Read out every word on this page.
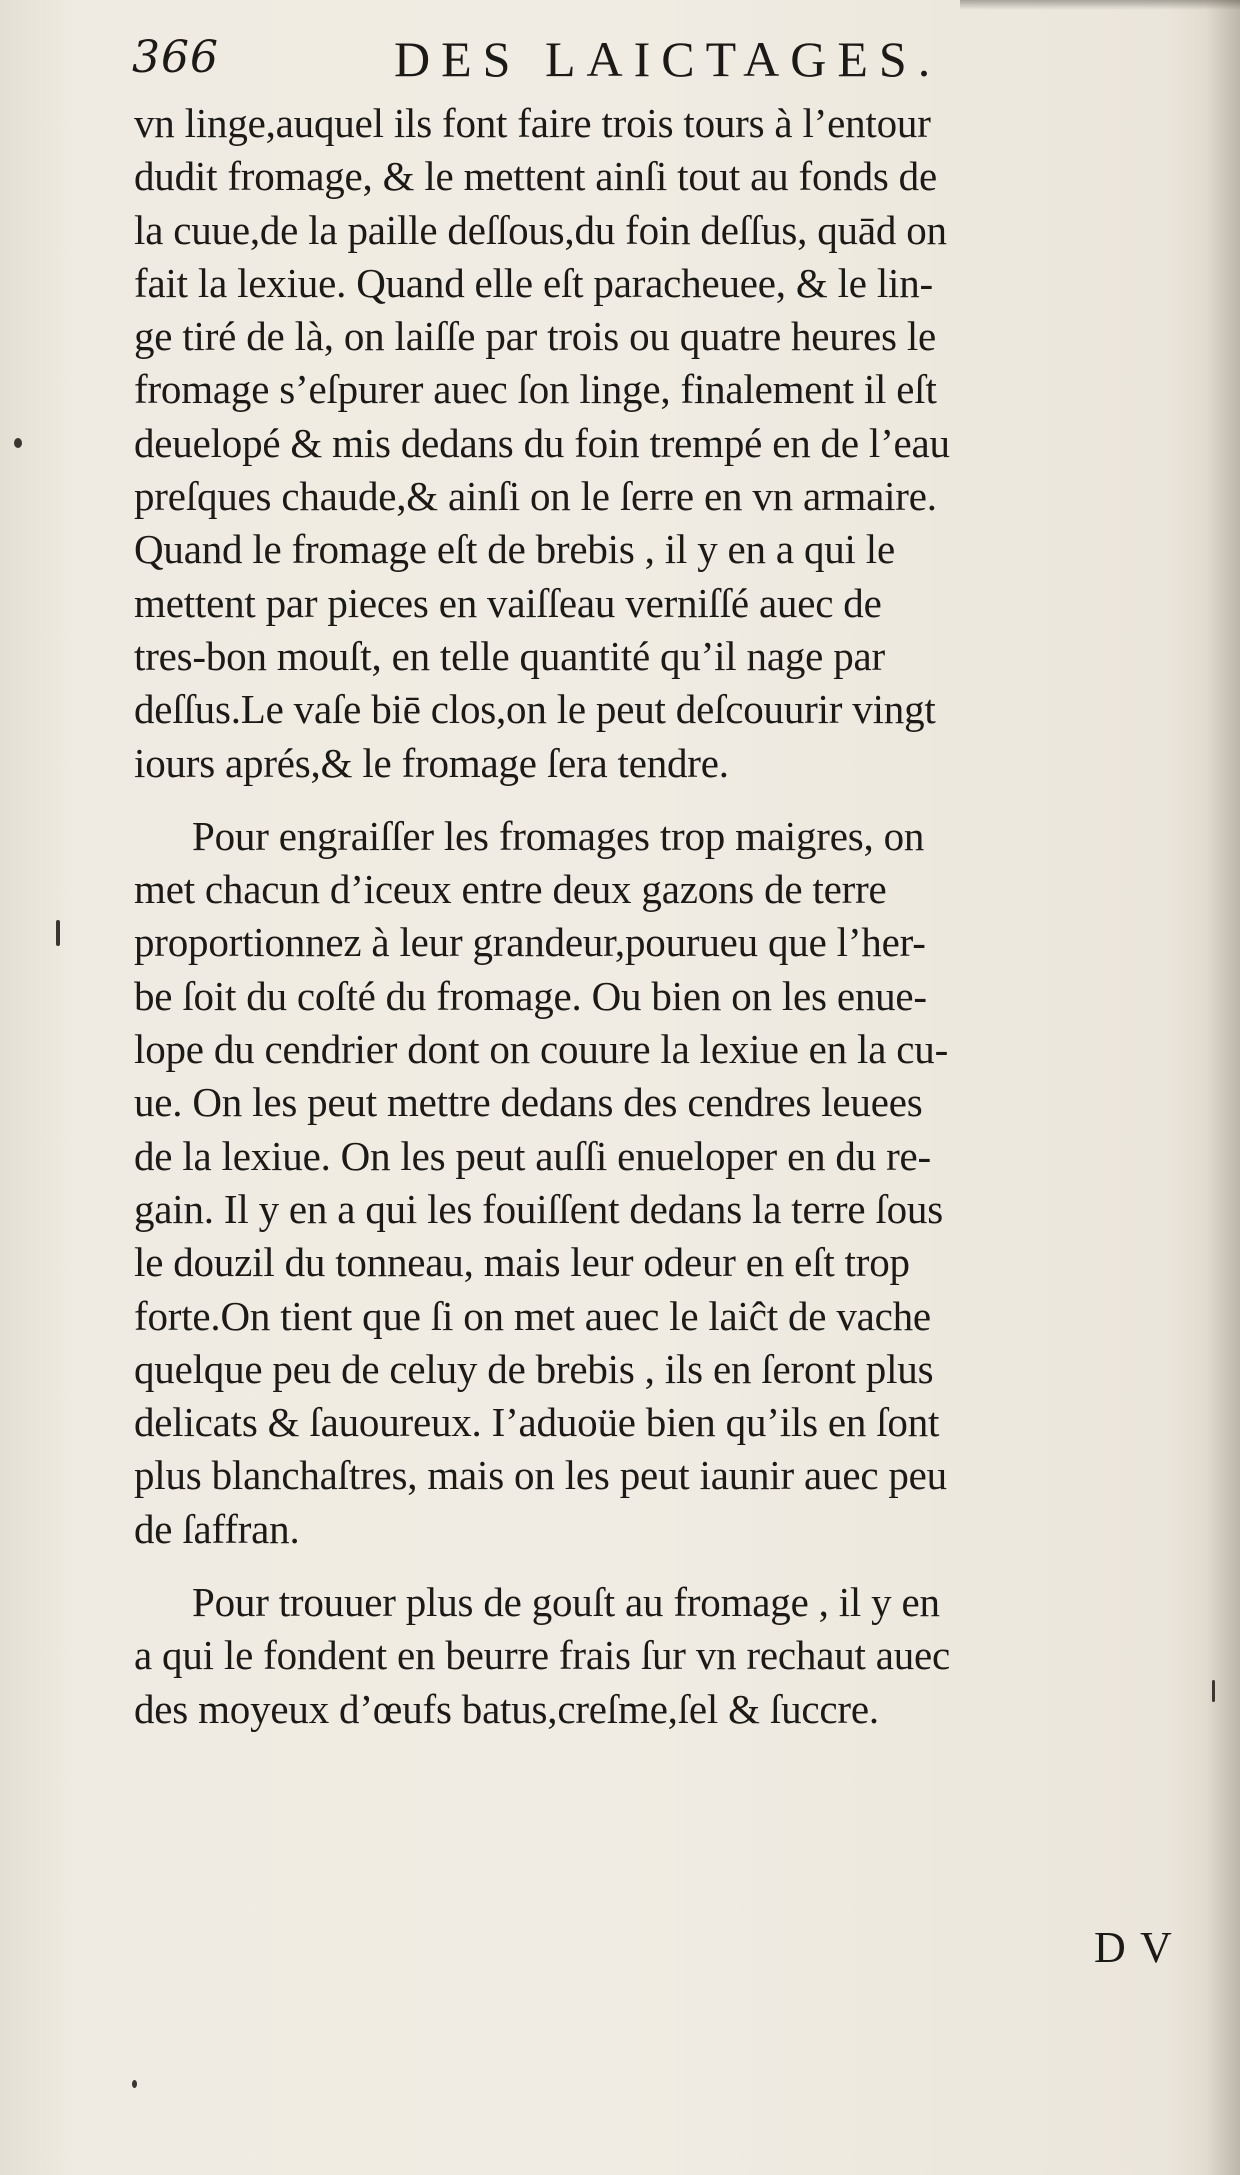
366	DES LAICTAGES.
vn linge,auquel ils font faire trois tours à l’entour
dudit fromage, & le mettent ainſi tout au fonds de
la cuue,de la paille deſſous,du foin deſſus, quād on
fait la lexiue. Quand elle eſt paracheuee, & le lin-
ge tiré de là, on laiſſe par trois ou quatre heures le
fromage s’eſpurer auec ſon linge, finalement il eſt
deuelopé & mis dedans du foin trempé en de l’eau
preſques chaude,& ainſi on le ſerre en vn armaire.
Quand le fromage eſt de brebis , il y en a qui le
mettent par pieces en vaiſſeau verniſſé auec de
tres-bon mouſt, en telle quantité qu’il nage par
deſſus.Le vaſe biē clos,on le peut deſcouurir vingt
iours aprés,& le fromage ſera tendre.
Pour engraiſſer les fromages trop maigres, on
met chacun d’iceux entre deux gazons de terre
proportionnez à leur grandeur,pourueu que l’her-
be ſoit du coſté du fromage. Ou bien on les enue-
lope du cendrier dont on couure la lexiue en la cu-
ue. On les peut mettre dedans des cendres leuees
de la lexiue. On les peut auſſi enueloper en du re-
gain. Il y en a qui les fouiſſent dedans la terre ſous
le douzil du tonneau, mais leur odeur en eſt trop
forte.On tient que ſi on met auec le laiĉt de vache
quelque peu de celuy de brebis , ils en ſeront plus
delicats & ſauoureux. I’aduoüe bien qu’ils en ſont
plus blanchaſtres, mais on les peut iaunir auec peu
de ſaffran.
Pour trouuer plus de gouſt au fromage , il y en
a qui le fondent en beurre frais ſur vn rechaut auec
des moyeux d’œufs batus,creſme,ſel & ſuccre.
D V
